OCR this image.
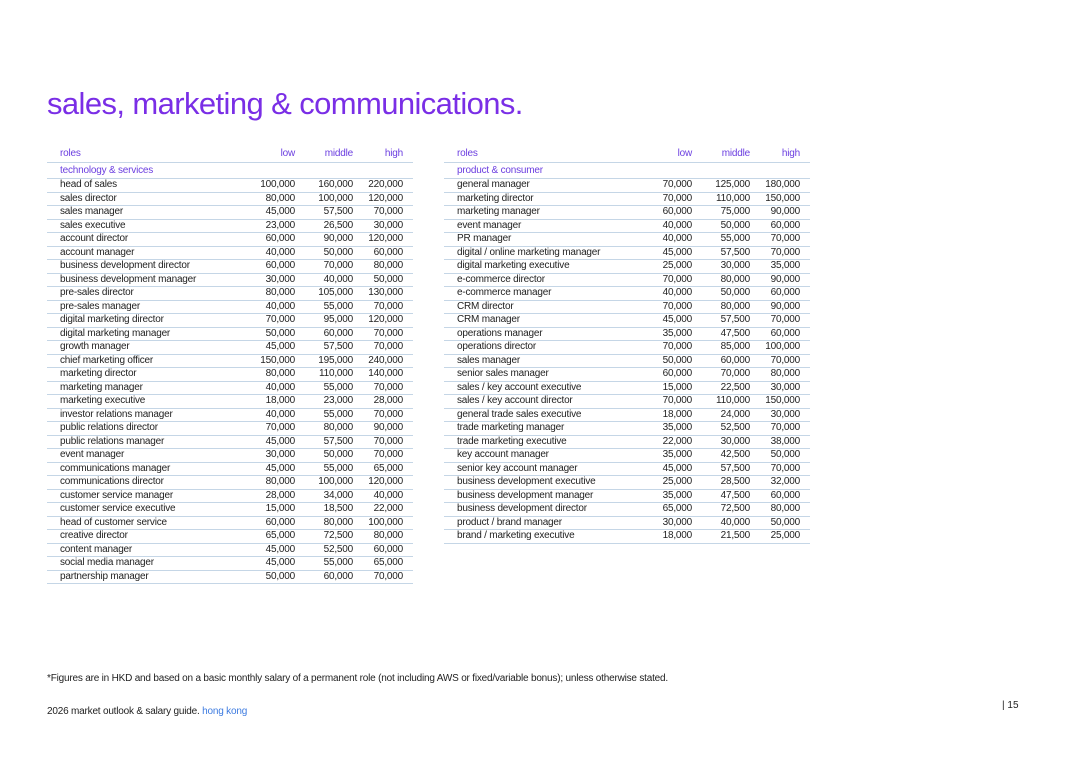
sales, marketing & communications.
roles	low	middle	high
technology & services			
head of sales	100,000	160,000	220,000
sales director	80,000	100,000	120,000
sales manager	45,000	57,500	70,000
sales executive	23,000	26,500	30,000
account director	60,000	90,000	120,000
account manager	40,000	50,000	60,000
business development director	60,000	70,000	80,000
business development manager	30,000	40,000	50,000
pre-sales director	80,000	105,000	130,000
pre-sales manager	40,000	55,000	70,000
digital marketing director	70,000	95,000	120,000
digital marketing manager	50,000	60,000	70,000
growth manager	45,000	57,500	70,000
chief marketing officer	150,000	195,000	240,000
marketing director	80,000	110,000	140,000
marketing manager	40,000	55,000	70,000
marketing executive	18,000	23,000	28,000
investor relations manager	40,000	55,000	70,000
public relations director	70,000	80,000	90,000
public relations manager	45,000	57,500	70,000
event manager	30,000	50,000	70,000
communications manager	45,000	55,000	65,000
communications director	80,000	100,000	120,000
customer service manager	28,000	34,000	40,000
customer service executive	15,000	18,500	22,000
head of customer service	60,000	80,000	100,000
creative director	65,000	72,500	80,000
content manager	45,000	52,500	60,000
social media manager	45,000	55,000	65,000
partnership manager	50,000	60,000	70,000
roles	low	middle	high
product & consumer			
general manager	70,000	125,000	180,000
marketing director	70,000	110,000	150,000
marketing manager	60,000	75,000	90,000
event manager	40,000	50,000	60,000
PR manager	40,000	55,000	70,000
digital / online marketing manager	45,000	57,500	70,000
digital marketing executive	25,000	30,000	35,000
e-commerce director	70,000	80,000	90,000
e-commerce manager	40,000	50,000	60,000
CRM director	70,000	80,000	90,000
CRM manager	45,000	57,500	70,000
operations manager	35,000	47,500	60,000
operations director	70,000	85,000	100,000
sales manager	50,000	60,000	70,000
senior sales manager	60,000	70,000	80,000
sales / key account executive	15,000	22,500	30,000
sales / key account director	70,000	110,000	150,000
general trade sales executive	18,000	24,000	30,000
trade marketing manager	35,000	52,500	70,000
trade marketing executive	22,000	30,000	38,000
key account manager	35,000	42,500	50,000
senior key account manager	45,000	57,500	70,000
business development executive	25,000	28,500	32,000
business development manager	35,000	47,500	60,000
business development director	65,000	72,500	80,000
product / brand manager	30,000	40,000	50,000
brand / marketing executive	18,000	21,500	25,000
*Figures are in HKD and based on a basic monthly salary of a permanent role (not including AWS or fixed/variable bonus); unless otherwise stated.
2026 market outlook & salary guide. hong kong
| 15
